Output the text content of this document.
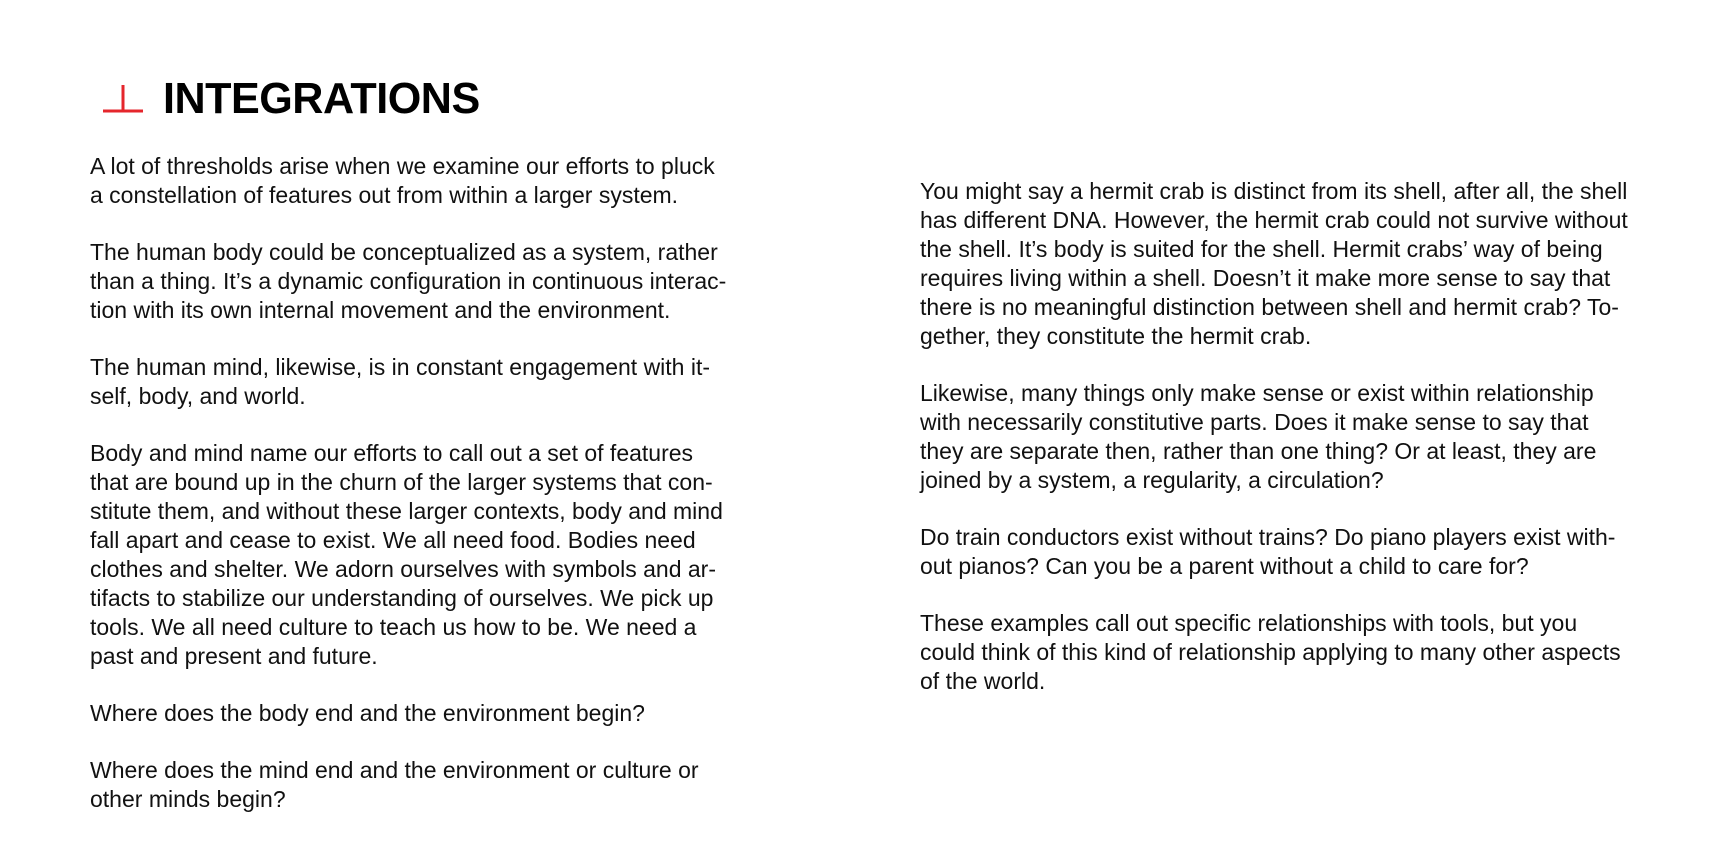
INTEGRATIONS

A lot of thresholds arise when we examine our efforts to pluck
a constellation of features out from within a larger system.

The human body could be conceptualized as a system, rather
than a thing. It’s a dynamic configuration in continuous interac-
tion with its own internal movement and the environment.

The human mind, likewise, is in constant engagement with it-
self, body, and world.

Body and mind name our efforts to call out a set of features
that are bound up in the churn of the larger systems that con-
stitute them, and without these larger contexts, body and mind
fall apart and cease to exist. We all need food. Bodies need
clothes and shelter. We adorn ourselves with symbols and ar-
tifacts to stabilize our understanding of ourselves. We pick up
tools. We all need culture to teach us how to be. We need a
past and present and future.

Where does the body end and the environment begin?

Where does the mind end and the environment or culture or
other minds begin?

You might say a hermit crab is distinct from its shell, after all, the shell
has different DNA. However, the hermit crab could not survive without
the shell. It’s body is suited for the shell. Hermit crabs’ way of being
requires living within a shell. Doesn’t it make more sense to say that
there is no meaningful distinction between shell and hermit crab? To-
gether, they constitute the hermit crab.

Likewise, many things only make sense or exist within relationship
with necessarily constitutive parts. Does it make sense to say that
they are separate then, rather than one thing? Or at least, they are
joined by a system, a regularity, a circulation?

Do train conductors exist without trains? Do piano players exist with-
out pianos? Can you be a parent without a child to care for?

These examples call out specific relationships with tools, but you
could think of this kind of relationship applying to many other aspects
of the world.
